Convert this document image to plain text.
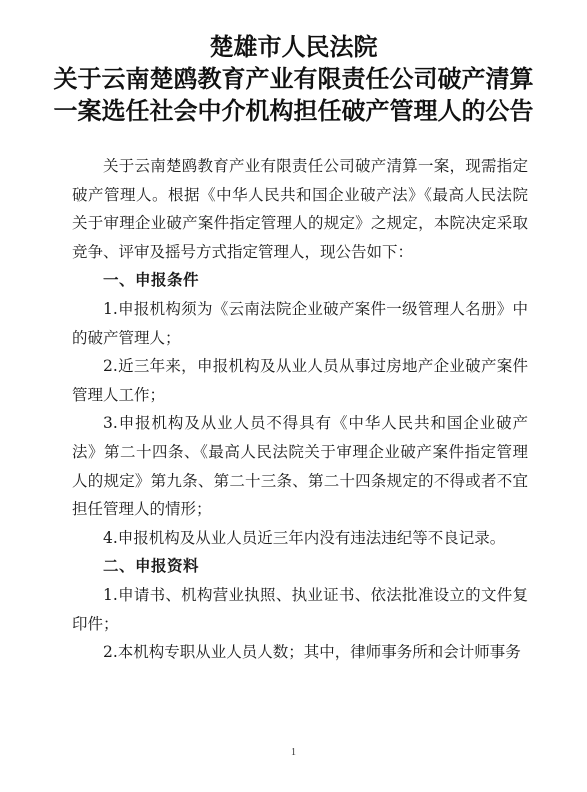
楚雄市人民法院
关于云南楚鸥教育产业有限责任公司破产清算
一案选任社会中介机构担任破产管理人的公告

关于云南楚鸥教育产业有限责任公司破产清算一案，现需指定破产管理人。根据《中华人民共和国企业破产法》《最高人民法院关于审理企业破产案件指定管理人的规定》之规定，本院决定采取竞争、评审及摇号方式指定管理人，现公告如下：

一、申报条件

1.申报机构须为《云南法院企业破产案件一级管理人名册》中的破产管理人；

2.近三年来，申报机构及从业人员从事过房地产企业破产案件管理人工作；

3.申报机构及从业人员不得具有《中华人民共和国企业破产法》第二十四条、《最高人民法院关于审理企业破产案件指定管理人的规定》第九条、第二十三条、第二十四条规定的不得或者不宜担任管理人的情形；

4.申报机构及从业人员近三年内没有违法违纪等不良记录。

二、申报资料

1.申请书、机构营业执照、执业证书、依法批准设立的文件复印件；

2.本机构专职从业人员人数；其中，律师事务所和会计师事务

1
